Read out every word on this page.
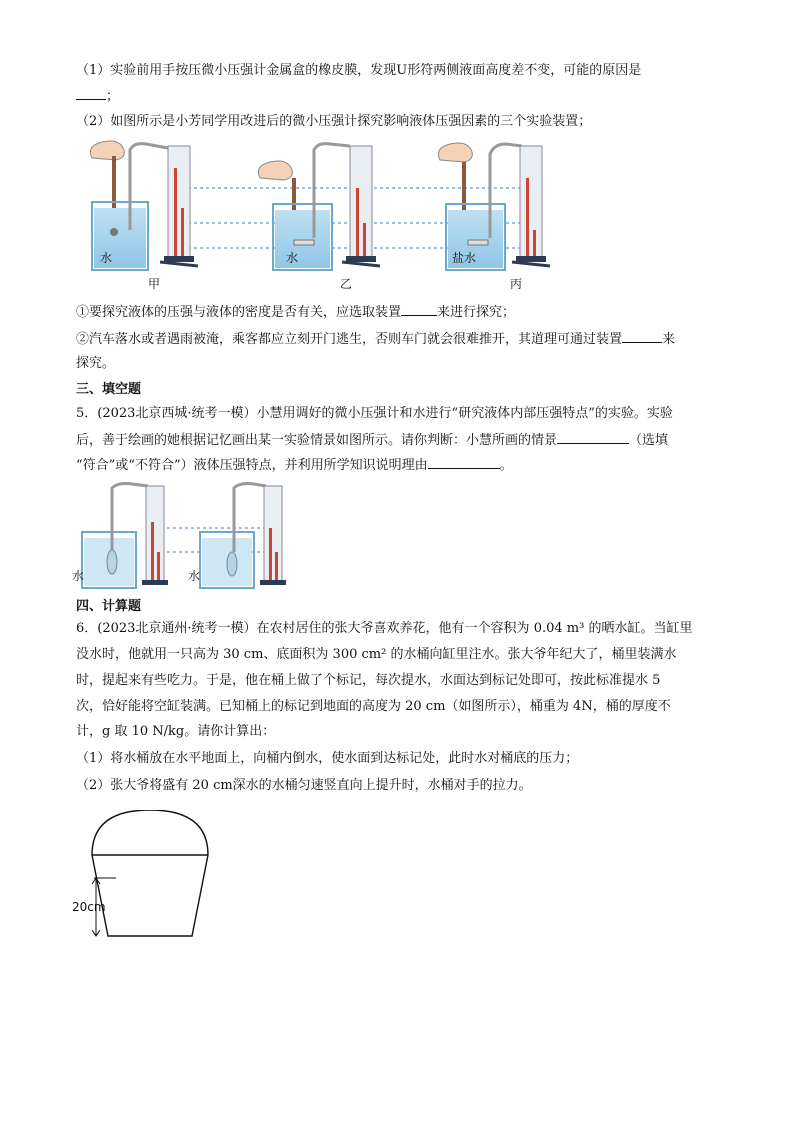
（1）实验前用手按压微小压强计金属盒的橡皮膜，发现U形符两侧液面高度差不变，可能的原因是
；
（2）如图所示是小芳同学用改进后的微小压强计探究影响液体压强因素的三个实验装置；
水
甲
水
乙
盐水
丙
①要探究液体的压强与液体的密度是否有关，应选取装置	来进行探究；
②汽车落水或者遇雨被淹，乘客都应立刻开门逃生，否则车门就会很难推开，其道理可通过装置	来
探究。
三、填空题
5．(2023北京西城·统考一模）小慧用调好的微小压强计和水进行“研究液体内部压强特点”的实验。实验
后，善于绘画的她根据记忆画出某一实验情景如图所示。请你判断：小慧所画的情景	（选填
“符合”或“不符合”）液体压强特点，并利用所学知识说明理由	。
水	水
四、计算题
6．(2023北京通州·统考一模）在农村居住的张大爷喜欢养花，他有一个容积为 0.04 m³ 的晒水缸。当缸里
没水时，他就用一只高为 30 cm、底面积为 300 cm² 的水桶向缸里注水。张大爷年纪大了，桶里装满水
时，提起来有些吃力。于是，他在桶上做了个标记，每次提水，水面达到标记处即可，按此标准提水 5
次，恰好能将空缸装满。已知桶上的标记到地面的高度为 20 cm（如图所示），桶重为 4N，桶的厚度不
计，g 取 10 N/kg。请你计算出：
（1）将水桶放在水平地面上，向桶内倒水，使水面到达标记处，此时水对桶底的压力；
（2）张大爷将盛有 20 cm深水的水桶匀速竖直向上提升时，水桶对手的拉力。
20cm
